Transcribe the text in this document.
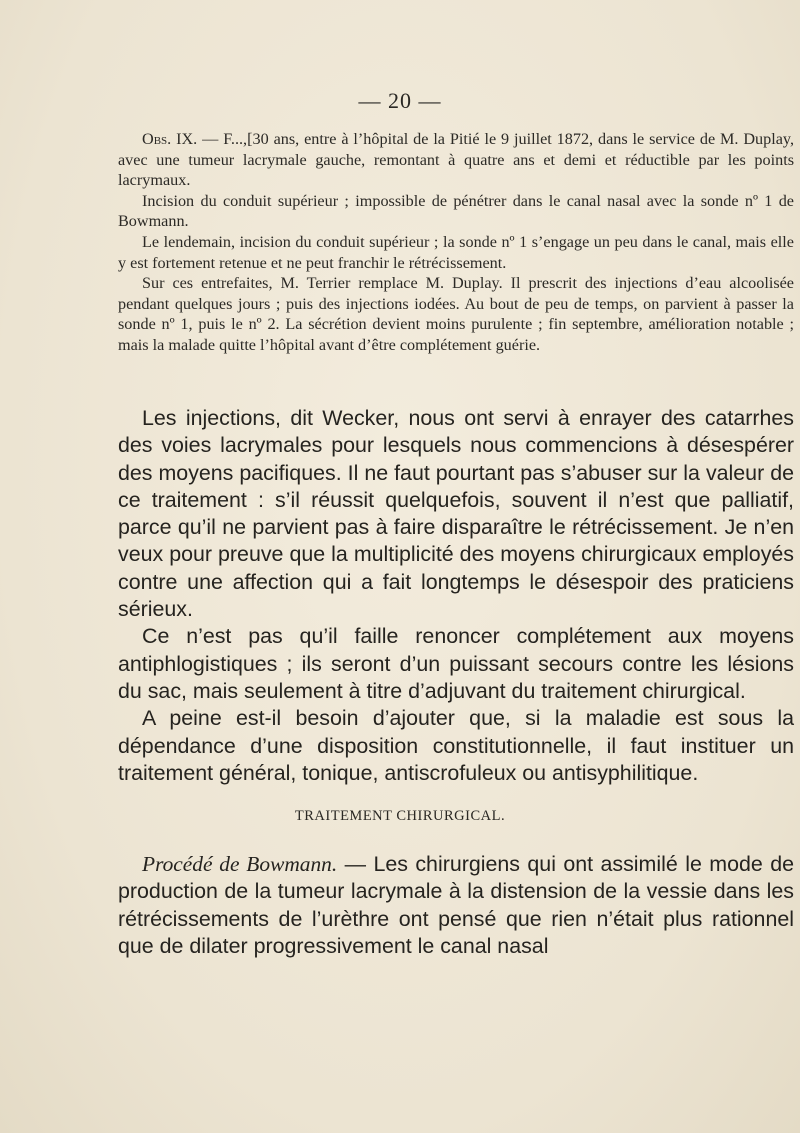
— 20 —

Obs. IX. — F...,[30 ans, entre à l’hôpital de la Pitié le 9 juillet 1872, dans le service de M. Duplay, avec une tumeur lacrymale gauche, remontant à quatre ans et demi et réductible par les points lacrymaux.

Incision du conduit supérieur ; impossible de pénétrer dans le canal nasal avec la sonde nº 1 de Bowmann.

Le lendemain, incision du conduit supérieur ; la sonde nº 1 s’engage un peu dans le canal, mais elle y est fortement retenue et ne peut franchir le rétrécissement.

Sur ces entrefaites, M. Terrier remplace M. Duplay. Il prescrit des injections d’eau alcoolisée pendant quelques jours ; puis des injections iodées. Au bout de peu de temps, on parvient à passer la sonde nº 1, puis le nº 2. La sécrétion devient moins purulente ; fin septembre, amélioration notable ; mais la malade quitte l’hôpital avant d’être complétement guérie.

Les injections, dit Wecker, nous ont servi à enrayer des catarrhes des voies lacrymales pour lesquels nous commencions à désespérer des moyens pacifiques. Il ne faut pourtant pas s’abuser sur la valeur de ce traitement : s’il réussit quelquefois, souvent il n’est que palliatif, parce qu’il ne parvient pas à faire disparaître le rétrécissement. Je n’en veux pour preuve que la multiplicité des moyens chirurgicaux employés contre une affection qui a fait longtemps le désespoir des praticiens sérieux.

Ce n’est pas qu’il faille renoncer complétement aux moyens antiphlogistiques ; ils seront d’un puissant secours contre les lésions du sac, mais seulement à titre d’adjuvant du traitement chirurgical.

A peine est-il besoin d’ajouter que, si la maladie est sous la dépendance d’une disposition constitutionnelle, il faut instituer un traitement général, tonique, antiscrofuleux ou antisyphilitique.

TRAITEMENT CHIRURGICAL.

Procédé de Bowmann. — Les chirurgiens qui ont assimilé le mode de production de la tumeur lacrymale à la distension de la vessie dans les rétrécissements de l’urèthre ont pensé que rien n’était plus rationnel que de dilater progressivement le canal nasal
